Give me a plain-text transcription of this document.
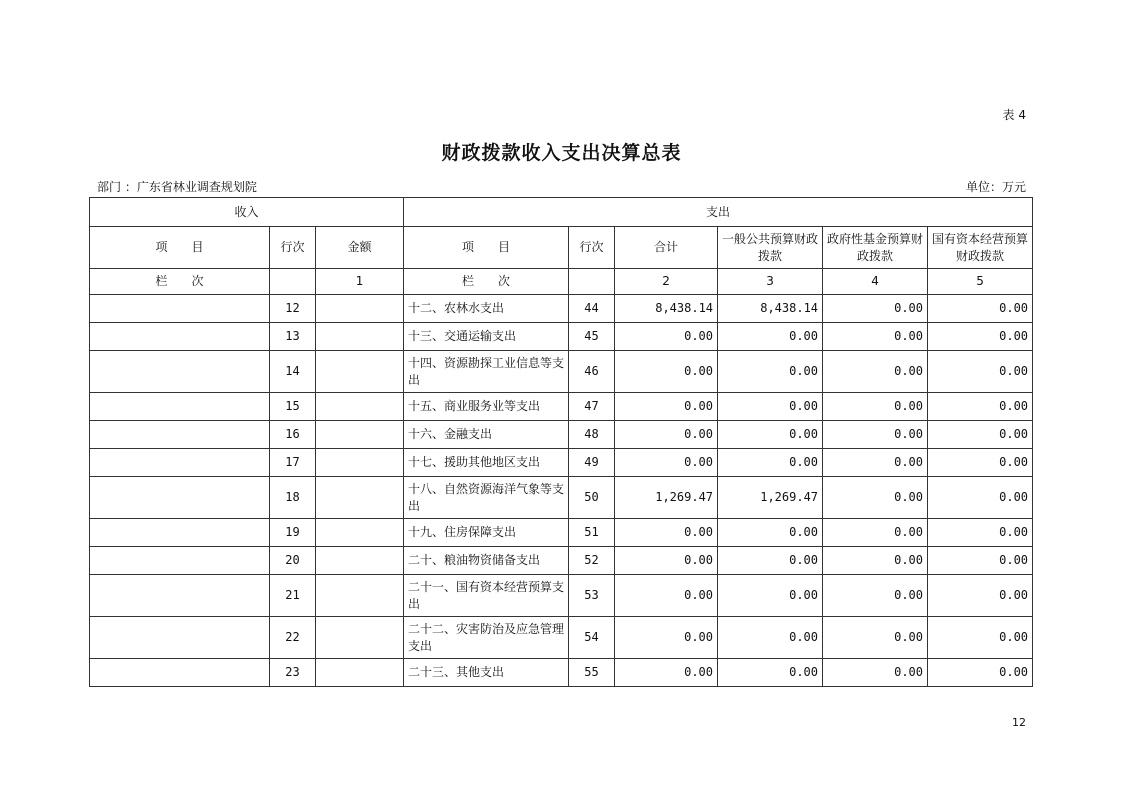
表 4
财政拨款收入支出决算总表
部门 ：广东省林业调查规划院	单位：万元
收入			支出					
项　　目	行次	金额	项　　目	行次	合计	一般公共预算财政拨款	政府性基金预算财政拨款	国有资本经营预算财政拨款
栏　　次		1	栏　　次		2	3	4	5
	12		十二、农林水支出	44	8,438.14	8,438.14	0.00	0.00
	13		十三、交通运输支出	45	0.00	0.00	0.00	0.00
	14		十四、资源勘探工业信息等支出	46	0.00	0.00	0.00	0.00
	15		十五、商业服务业等支出	47	0.00	0.00	0.00	0.00
	16		十六、金融支出	48	0.00	0.00	0.00	0.00
	17		十七、援助其他地区支出	49	0.00	0.00	0.00	0.00
	18		十八、自然资源海洋气象等支出	50	1,269.47	1,269.47	0.00	0.00
	19		十九、住房保障支出	51	0.00	0.00	0.00	0.00
	20		二十、粮油物资储备支出	52	0.00	0.00	0.00	0.00
	21		二十一、国有资本经营预算支出	53	0.00	0.00	0.00	0.00
	22		二十二、灾害防治及应急管理支出	54	0.00	0.00	0.00	0.00
	23		二十三、其他支出	55	0.00	0.00	0.00	0.00
12
